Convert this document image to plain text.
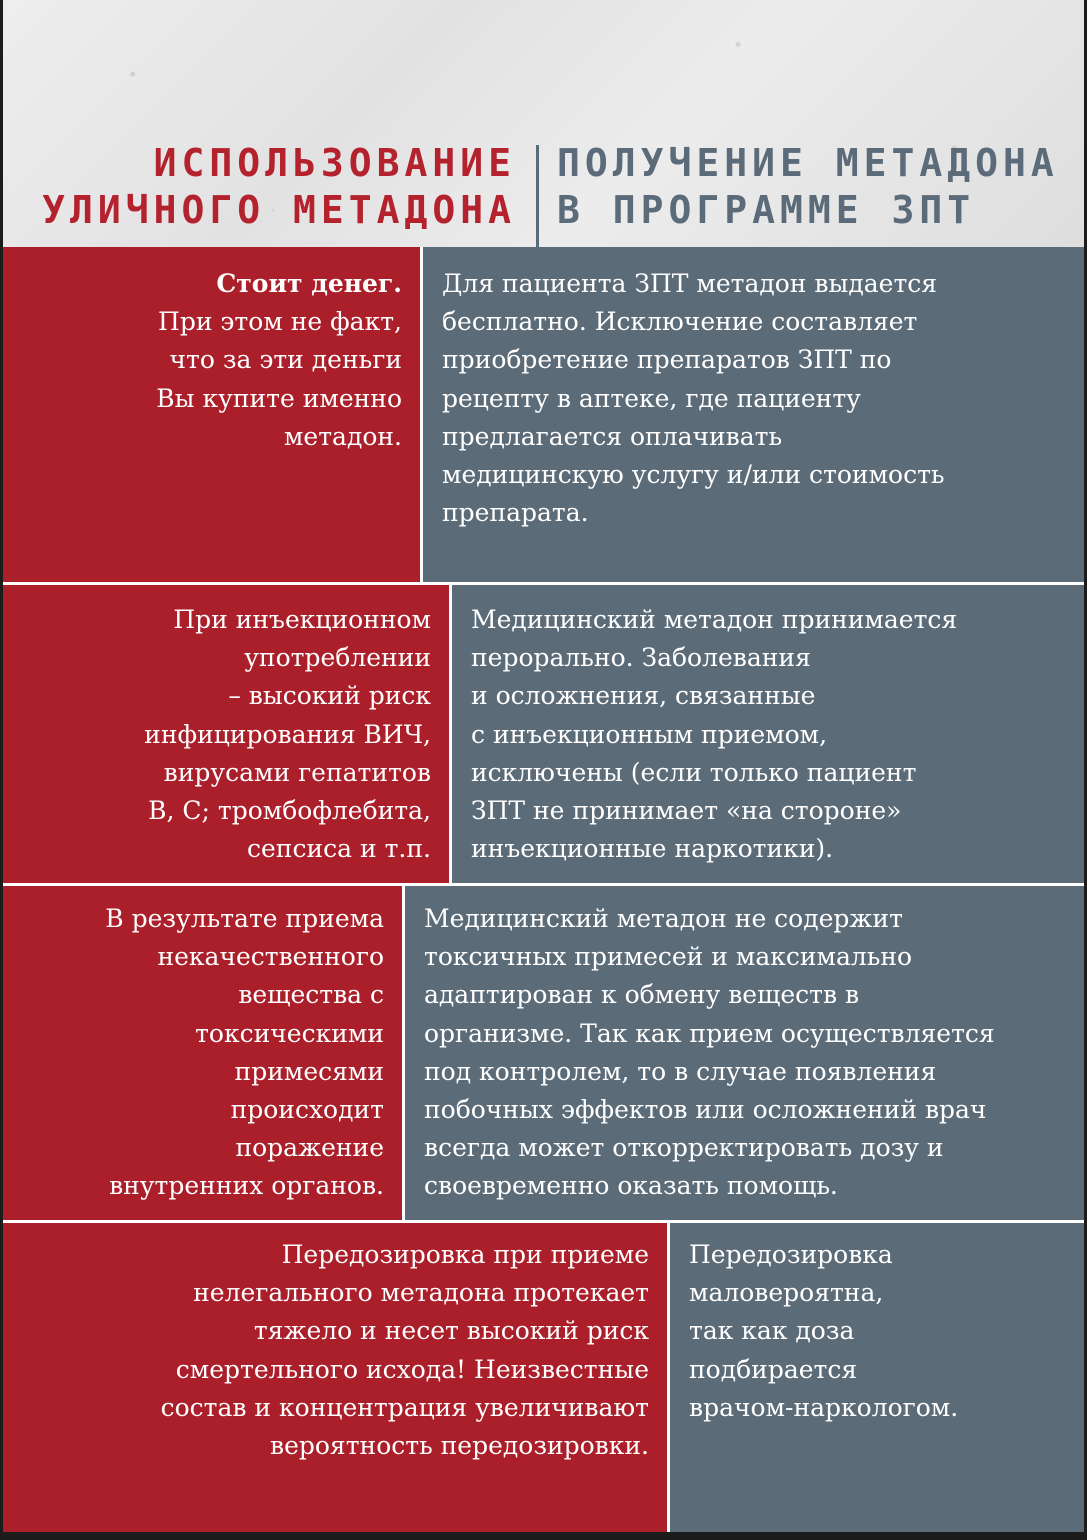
ИСПОЛЬЗОВАНИЕ
УЛИЧНОГО МЕТАДОНА
ПОЛУЧЕНИЕ МЕТАДОНА
В ПРОГРАММЕ ЗПТ

Стоит денег.
При этом не факт,
что за эти деньги
Вы купите именно
метадон.

Для пациента ЗПТ метадон выдается
бесплатно. Исключение составляет
приобретение препаратов ЗПТ по
рецепту в аптеке, где пациенту
предлагается оплачивать
медицинскую услугу и/или стоимость
препарата.

При инъекционном
употреблении
– высокий риск
инфицирования ВИЧ,
вирусами гепатитов
В, С; тромбофлебита,
сепсиса и т.п.

Медицинский метадон принимается
перорально. Заболевания
и осложнения, связанные
с инъекционным приемом,
исключены (если только пациент
ЗПТ не принимает «на стороне»
инъекционные наркотики).

В результате приема
некачественного
вещества с
токсическими
примесями
происходит
поражение
внутренних органов.

Медицинский метадон не содержит
токсичных примесей и максимально
адаптирован к обмену веществ в
организме. Так как прием осуществляется
под контролем, то в случае появления
побочных эффектов или осложнений врач
всегда может откорректировать дозу и
своевременно оказать помощь.

Передозировка при приеме
нелегального метадона протекает
тяжело и несет высокий риск
смертельного исхода! Неизвестные
состав и концентрация увеличивают
вероятность передозировки.

Передозировка
маловероятна,
так как доза
подбирается
врачом-наркологом.
